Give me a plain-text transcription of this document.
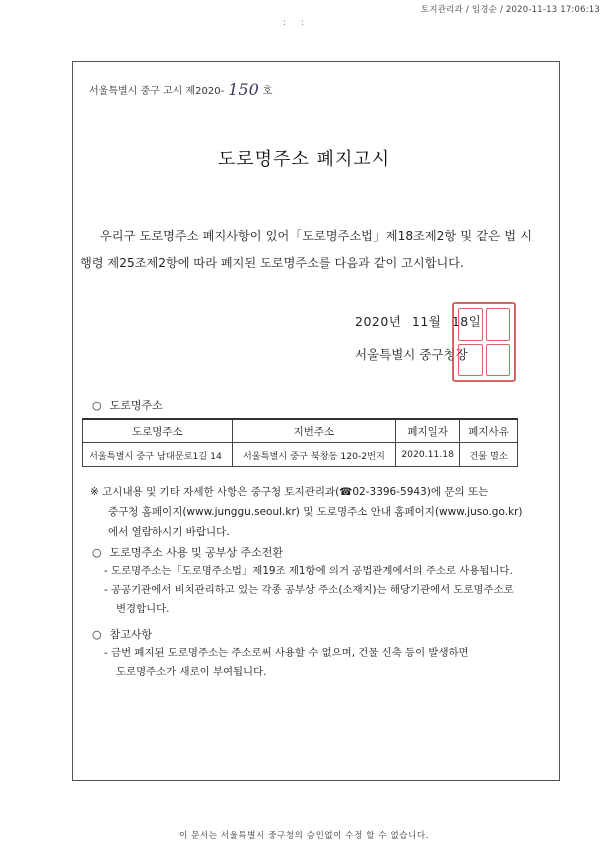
토지관리과 / 임경순 / 2020-11-13 17:06:13
: :
서울특별시 중구 고시 제2020- 150 호
도로명주소 폐지고시

우리구 도로명주소 폐지사항이 있어「도로명주소법」제18조제2항 및 같은 법 시행령 제25조제2항에 따라 폐지된 도로명주소를 다음과 같이 고시합니다.

2020년 11월 18일
서울특별시 중구청장
○ 도로명주소
도로명주소	지번주소	폐지일자	폐지사유
서울특별시 중구 남대문로1길 14	서울특별시 중구 북창동 120-2번지	2020.11.18	건물 멸소
※ 고시내용 및 기타 자세한 사항은 중구청 토지관리과(☎02-3396-5943)에 문의 또는
중구청 홈페이지(www.junggu.seoul.kr) 및 도로명주소 안내 홈페이지(www.juso.go.kr)
에서 열람하시기 바랍니다.
○ 도로명주소 사용 및 공부상 주소전환
- 도로명주소는「도로명주소법」제19조 제1항에 의거 공법관계에서의 주소로 사용됩니다.
- 공공기관에서 비치관리하고 있는 각종 공부상 주소(소재지)는 해당기관에서 도로명주소로
변경합니다.
○ 참고사항
- 금번 폐지된 도로명주소는 주소로써 사용할 수 없으며, 건물 신축 등이 발생하면
도로명주소가 새로이 부여됩니다.
이 문서는 서울특별시 중구청의 승인없이 수정 할 수 없습니다.
